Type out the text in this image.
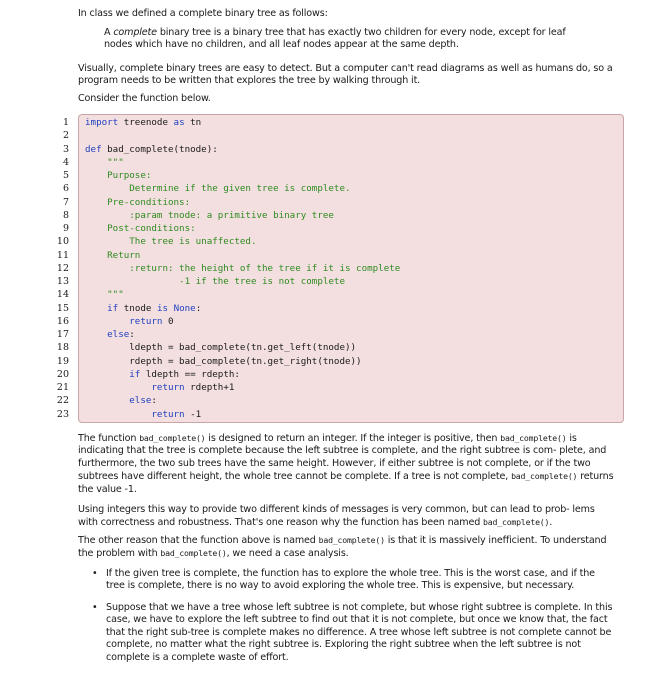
In class we defined a complete binary tree as follows:
A complete binary tree is a binary tree that has exactly two children for every node, except for leaf nodes which have no children, and all leaf nodes appear at the same depth.
Visually, complete binary trees are easy to detect. But a computer can't read diagrams as well as humans do, so a program needs to be written that explores the tree by walking through it.
Consider the function below.
1 import treenode as tn
2
3 def bad_complete(tnode):
4 """
5 Purpose:
6 Determine if the given tree is complete.
7 Pre-conditions:
8 :param tnode: a primitive binary tree
9 Post-conditions:
10 The tree is unaffected.
11 Return
12 :return: the height of the tree if it is complete
13 -1 if the tree is not complete
14 """
15	if tnode is None:
16	return 0
17	else:
18 ldepth = bad_complete(tn.get_left(tnode))
19 rdepth = bad_complete(tn.get_right(tnode))
20	if ldepth == rdepth:
21	return rdepth+1
22	else:
23	return -1
The function bad_complete() is designed to return an integer. If the integer is positive, then bad_complete() is indicating that the tree is complete because the left subtree is complete, and the right subtree is com- plete, and furthermore, the two sub trees have the same height. However, if either subtree is not complete, or if the two subtrees have different height, the whole tree cannot be complete. If a tree is not complete, bad_complete() returns the value -1.
Using integers this way to provide two different kinds of messages is very common, but can lead to prob- lems with correctness and robustness. That's one reason why the function has been named bad_complete().
The other reason that the function above is named bad_complete() is that it is massively inefficient. To understand the problem with bad_complete(), we need a case analysis.
• If the given tree is complete, the function has to explore the whole tree. This is the worst case, and if the tree is complete, there is no way to avoid exploring the whole tree. This is expensive, but necessary.
• Suppose that we have a tree whose left subtree is not complete, but whose right subtree is complete. In this case, we have to explore the left subtree to find out that it is not complete, but once we know that, the fact that the right sub-tree is complete makes no difference. A tree whose left subtree is not complete cannot be complete, no matter what the right subtree is. Exploring the right subtree when the left subtree is not complete is a complete waste of effort.
